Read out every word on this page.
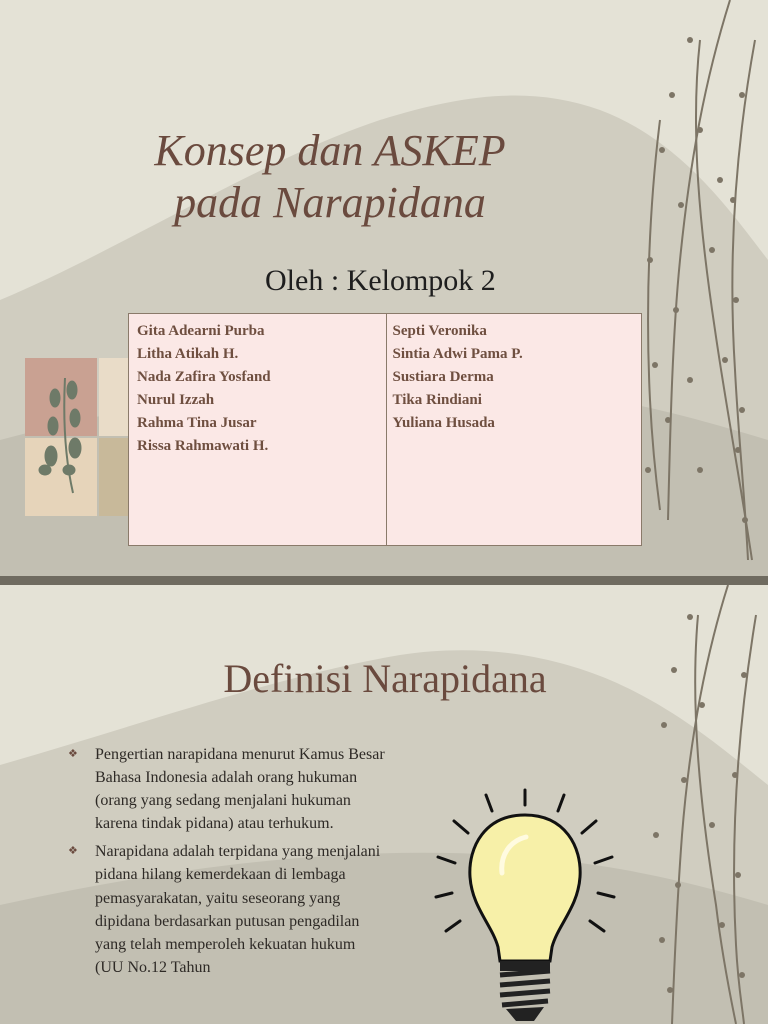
Konsep dan ASKEP
pada Narapidana
Oleh : Kelompok 2
Gita Adearni Purba
Litha Atikah H.
Nada Zafira Yosfand
Nurul Izzah
Rahma Tina Jusar
Rissa Rahmawati H.
Septi Veronika
Sintia Adwi Pama P.
Sustiara Derma
Tika Rindiani
Yuliana Husada
Definisi Narapidana
❖ Pengertian narapidana menurut Kamus Besar Bahasa Indonesia adalah orang hukuman (orang yang sedang menjalani hukuman karena tindak pidana) atau terhukum.
❖ Narapidana adalah terpidana yang menjalani pidana hilang kemerdekaan di lembaga pemasyarakatan, yaitu seseorang yang dipidana berdasarkan putusan pengadilan yang telah memperoleh kekuatan hukum (UU No.12 Tahun
